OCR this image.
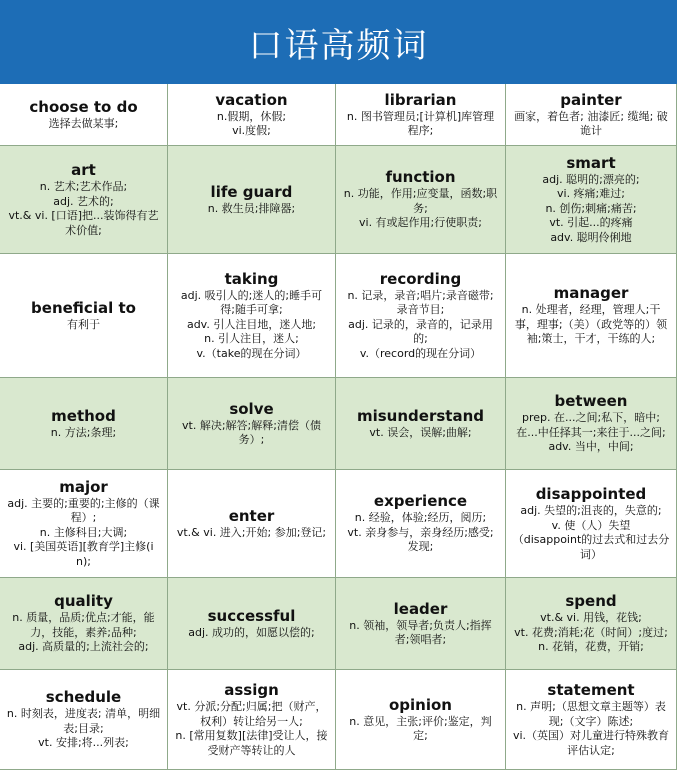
口语高频词
choose to do
选择去做某事;
vacation
n.假期，休假;
vi.度假;
librarian
n. 图书管理员;[计算机]库管理程序;
painter
画家，着色者; 油漆匠; 缆绳; 破诡计
art
n. 艺术;艺术作品;
adj. 艺术的;
vt.& vi. [口语]把...装饰得有艺术价值;
life guard
n. 救生员;排障器;
function
n. 功能，作用;应变量，函数;职务;
vi. 有或起作用;行使职责;
smart
adj. 聪明的;漂亮的;
vi. 疼痛;难过;
n. 创伤;刺痛;痛苦;
vt. 引起...的疼痛
adv. 聪明伶俐地
beneficial to
有利于
taking
adj. 吸引人的;迷人的;睡手可得;随手可拿;
adv. 引人注目地，迷人地;
n. 引人注目，迷人;
v.（take的现在分词）
recording
n. 记录，录音;唱片;录音磁带;录音节目;
adj. 记录的，录音的，记录用的;
v.（record的现在分词）
manager
n. 处理者，经理，管理人;干事，理事;（美）（政党等的）领袖;策士，干才，干练的人;
method
n. 方法;条理;
solve
vt. 解决;解答;解释;清偿（债务）;
misunderstand
vt. 误会，误解;曲解;
between
prep. 在...之间;私下，暗中;在...中任择其一;来往于...之间;
adv. 当中，中间;
major
adj. 主要的;重要的;主修的（课程）;
n. 主修科目;大调;
vi. [美国英语][教育学]主修(in);
enter
vt.& vi. 进入;开始; 参加;登记;
experience
n. 经验，体验;经历，阅历;
vt. 亲身参与，亲身经历;感受;发现;
disappointed
adj. 失望的;沮丧的，失意的;
v. 使（人）失望
（disappoint的过去式和过去分词）
quality
n. 质量，品质;优点;才能，能力，技能，素养;品种;
adj. 高质量的;上流社会的;
successful
adj. 成功的，如愿以偿的;
leader
n. 领袖，领导者;负责人;指挥者;领唱者;
spend
vt.& vi. 用钱，花钱;
vt. 花费;消耗;花（时间）;度过;
n. 花销，花费，开销;
schedule
n. 时刻表，进度表; 清单，明细表;目录;
vt. 安排;将...列表;
assign
vt. 分派;分配;归属;把（财产，权利）转让给另一人;
n. [常用复数][法律]受让人，接受财产等转让的人
opinion
n. 意见，主张;评价;鉴定，判定;
statement
n. 声明;（思想文章主题等）表现;（文字）陈述;
vi.（英国）对儿童进行特殊教育评估认定;
